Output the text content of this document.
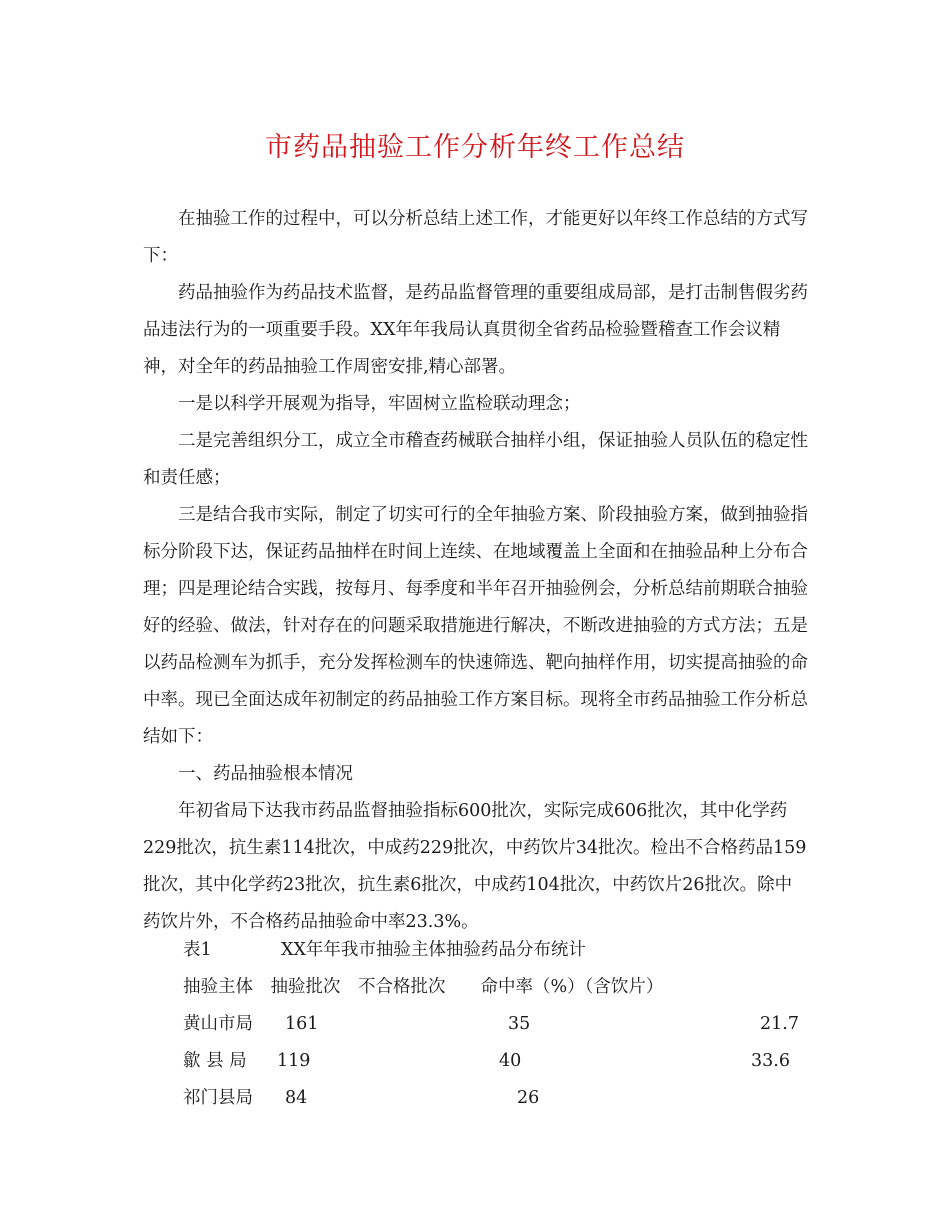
市药品抽验工作分析年终工作总结

在抽验工作的过程中，可以分析总结上述工作，才能更好以年终工作总结的方式写下：

药品抽验作为药品技术监督，是药品监督管理的重要组成局部，是打击制售假劣药品违法行为的一项重要手段。XX年年我局认真贯彻全省药品检验暨稽查工作会议精神，对全年的药品抽验工作周密安排,精心部署。

一是以科学开展观为指导，牢固树立监检联动理念；

二是完善组织分工，成立全市稽查药械联合抽样小组，保证抽验人员队伍的稳定性和责任感；

三是结合我市实际，制定了切实可行的全年抽验方案、阶段抽验方案，做到抽验指标分阶段下达，保证药品抽样在时间上连续、在地域覆盖上全面和在抽验品种上分布合理；四是理论结合实践，按每月、每季度和半年召开抽验例会，分析总结前期联合抽验好的经验、做法，针对存在的问题采取措施进行解决，不断改进抽验的方式方法；五是以药品检测车为抓手，充分发挥检测车的快速筛选、靶向抽样作用，切实提高抽验的命中率。现已全面达成年初制定的药品抽验工作方案目标。现将全市药品抽验工作分析总结如下：

一、药品抽验根本情况

年初省局下达我市药品监督抽验指标600批次，实际完成606批次，其中化学药229批次，抗生素114批次，中成药229批次，中药饮片34批次。检出不合格药品159批次，其中化学药23批次，抗生素6批次，中成药104批次，中药饮片26批次。除中药饮片外，不合格药品抽验命中率23.3%。

表1	XX年年我市抽验主体抽验药品分布统计
抽验主体　抽验批次　不合格批次　　命中率（%）（含饮片）
黄山市局 161	35	21.7
歙 县 局 119	40	33.6
祁门县局 84	26
